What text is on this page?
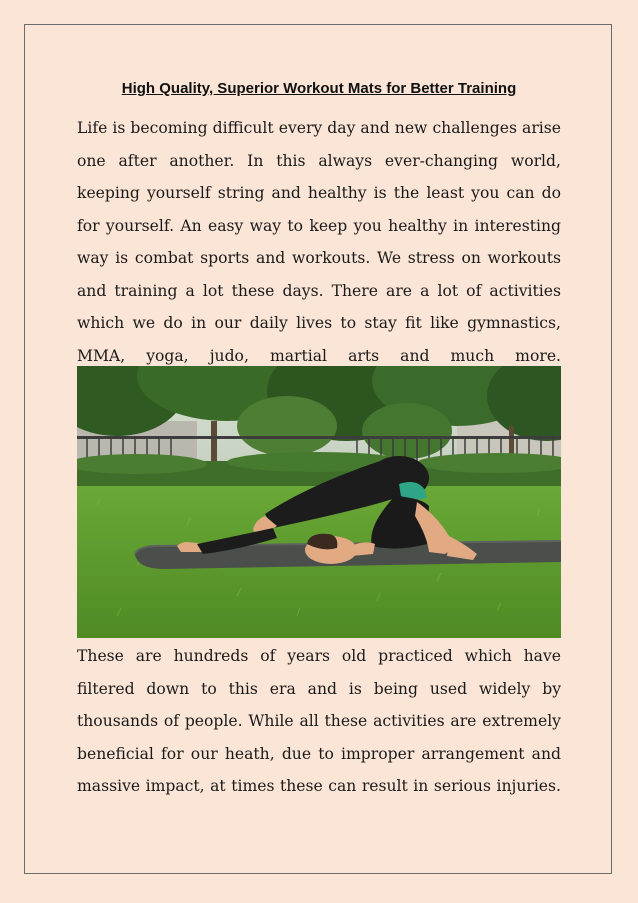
High Quality, Superior Workout Mats for Better Training

Life is becoming difficult every day and new challenges arise one after another. In this always ever-changing world, keeping yourself string and healthy is the least you can do for yourself. An easy way to keep you healthy in interesting way is combat sports and workouts. We stress on workouts and training a lot these days. There are a lot of activities which we do in our daily lives to stay fit like gymnastics, MMA, yoga, judo, martial arts and much more.

These are hundreds of years old practiced which have filtered down to this era and is being used widely by thousands of people. While all these activities are extremely beneficial for our heath, due to improper arrangement and massive impact, at times these can result in serious injuries.
